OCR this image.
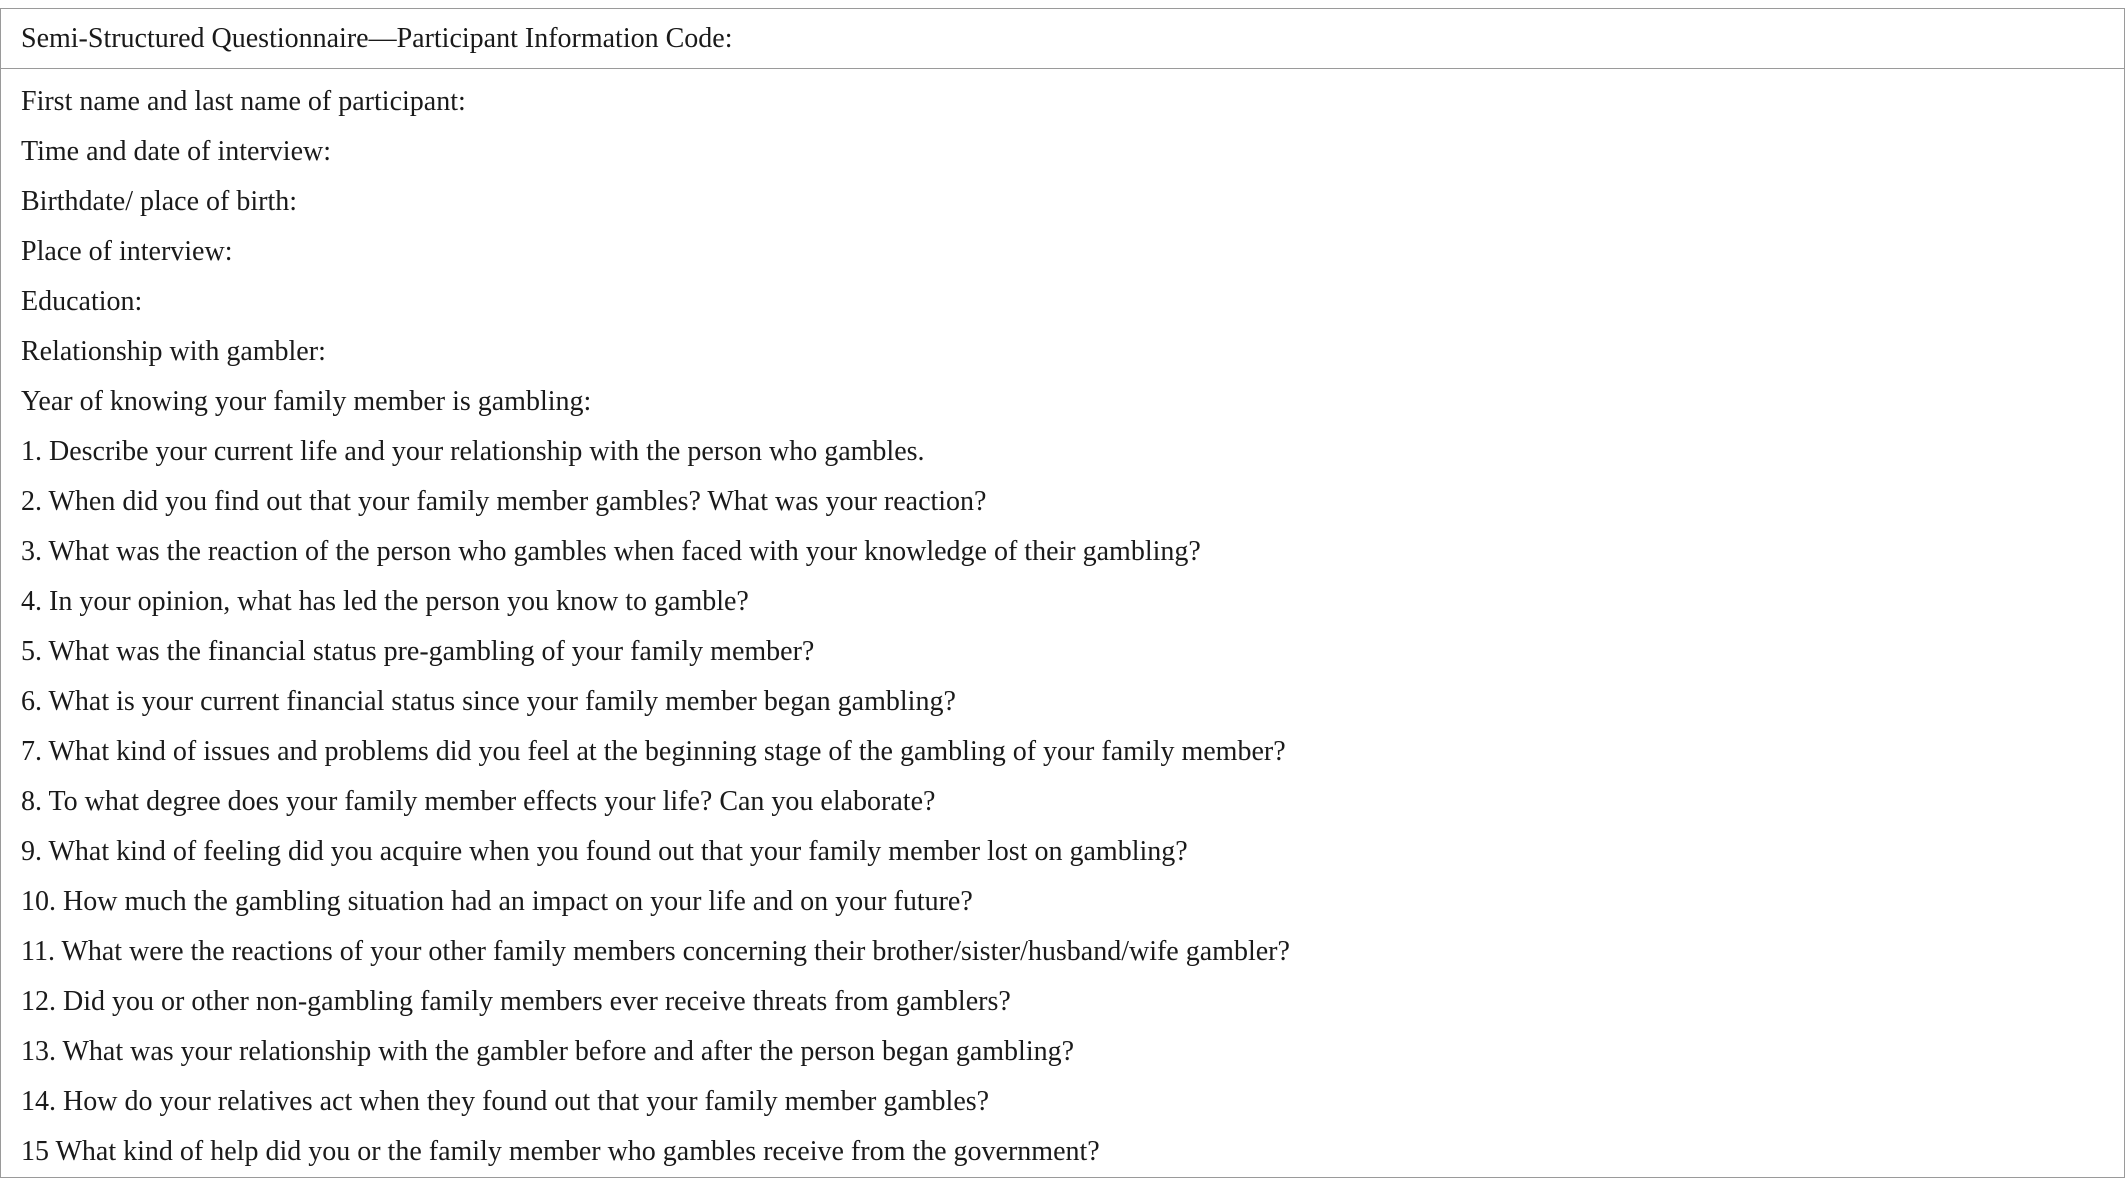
Semi-Structured Questionnaire—Participant Information Code:
First name and last name of participant:
Time and date of interview:
Birthdate/ place of birth:
Place of interview:
Education:
Relationship with gambler:
Year of knowing your family member is gambling:
1. Describe your current life and your relationship with the person who gambles.
2. When did you find out that your family member gambles? What was your reaction?
3. What was the reaction of the person who gambles when faced with your knowledge of their gambling?
4. In your opinion, what has led the person you know to gamble?
5. What was the financial status pre-gambling of your family member?
6. What is your current financial status since your family member began gambling?
7. What kind of issues and problems did you feel at the beginning stage of the gambling of your family member?
8. To what degree does your family member effects your life? Can you elaborate?
9. What kind of feeling did you acquire when you found out that your family member lost on gambling?
10. How much the gambling situation had an impact on your life and on your future?
11. What were the reactions of your other family members concerning their brother/sister/husband/wife gambler?
12. Did you or other non-gambling family members ever receive threats from gamblers?
13. What was your relationship with the gambler before and after the person began gambling?
14. How do your relatives act when they found out that your family member gambles?
15 What kind of help did you or the family member who gambles receive from the government?
